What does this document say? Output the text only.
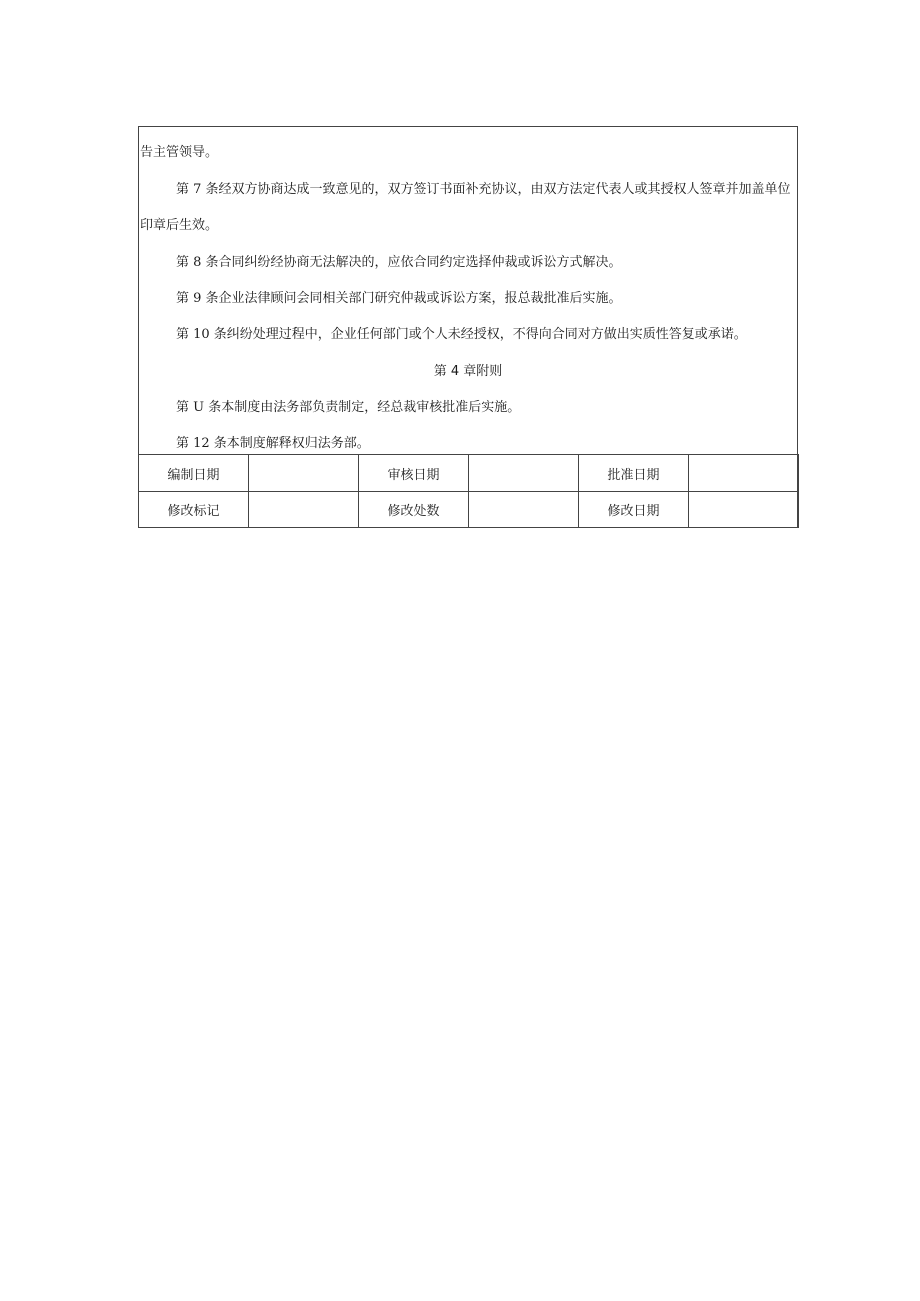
告主管领导。
第 7 条经双方协商达成一致意见的，双方签订书面补充协议，由双方法定代表人或其授权人签章并加盖单位
印章后生效。
第 8 条合同纠纷经协商无法解决的，应依合同约定选择仲裁或诉讼方式解决。
第 9 条企业法律顾问会同相关部门研究仲裁或诉讼方案，报总裁批准后实施。
第 10 条纠纷处理过程中，企业任何部门或个人未经授权，不得向合同对方做出实质性答复或承诺。
第 4 章附则
第 U 条本制度由法务部负责制定，经总裁审核批准后实施。
第 12 条本制度解释权归法务部。
编制日期		审核日期		批准日期	
修改标记		修改处数		修改日期	
